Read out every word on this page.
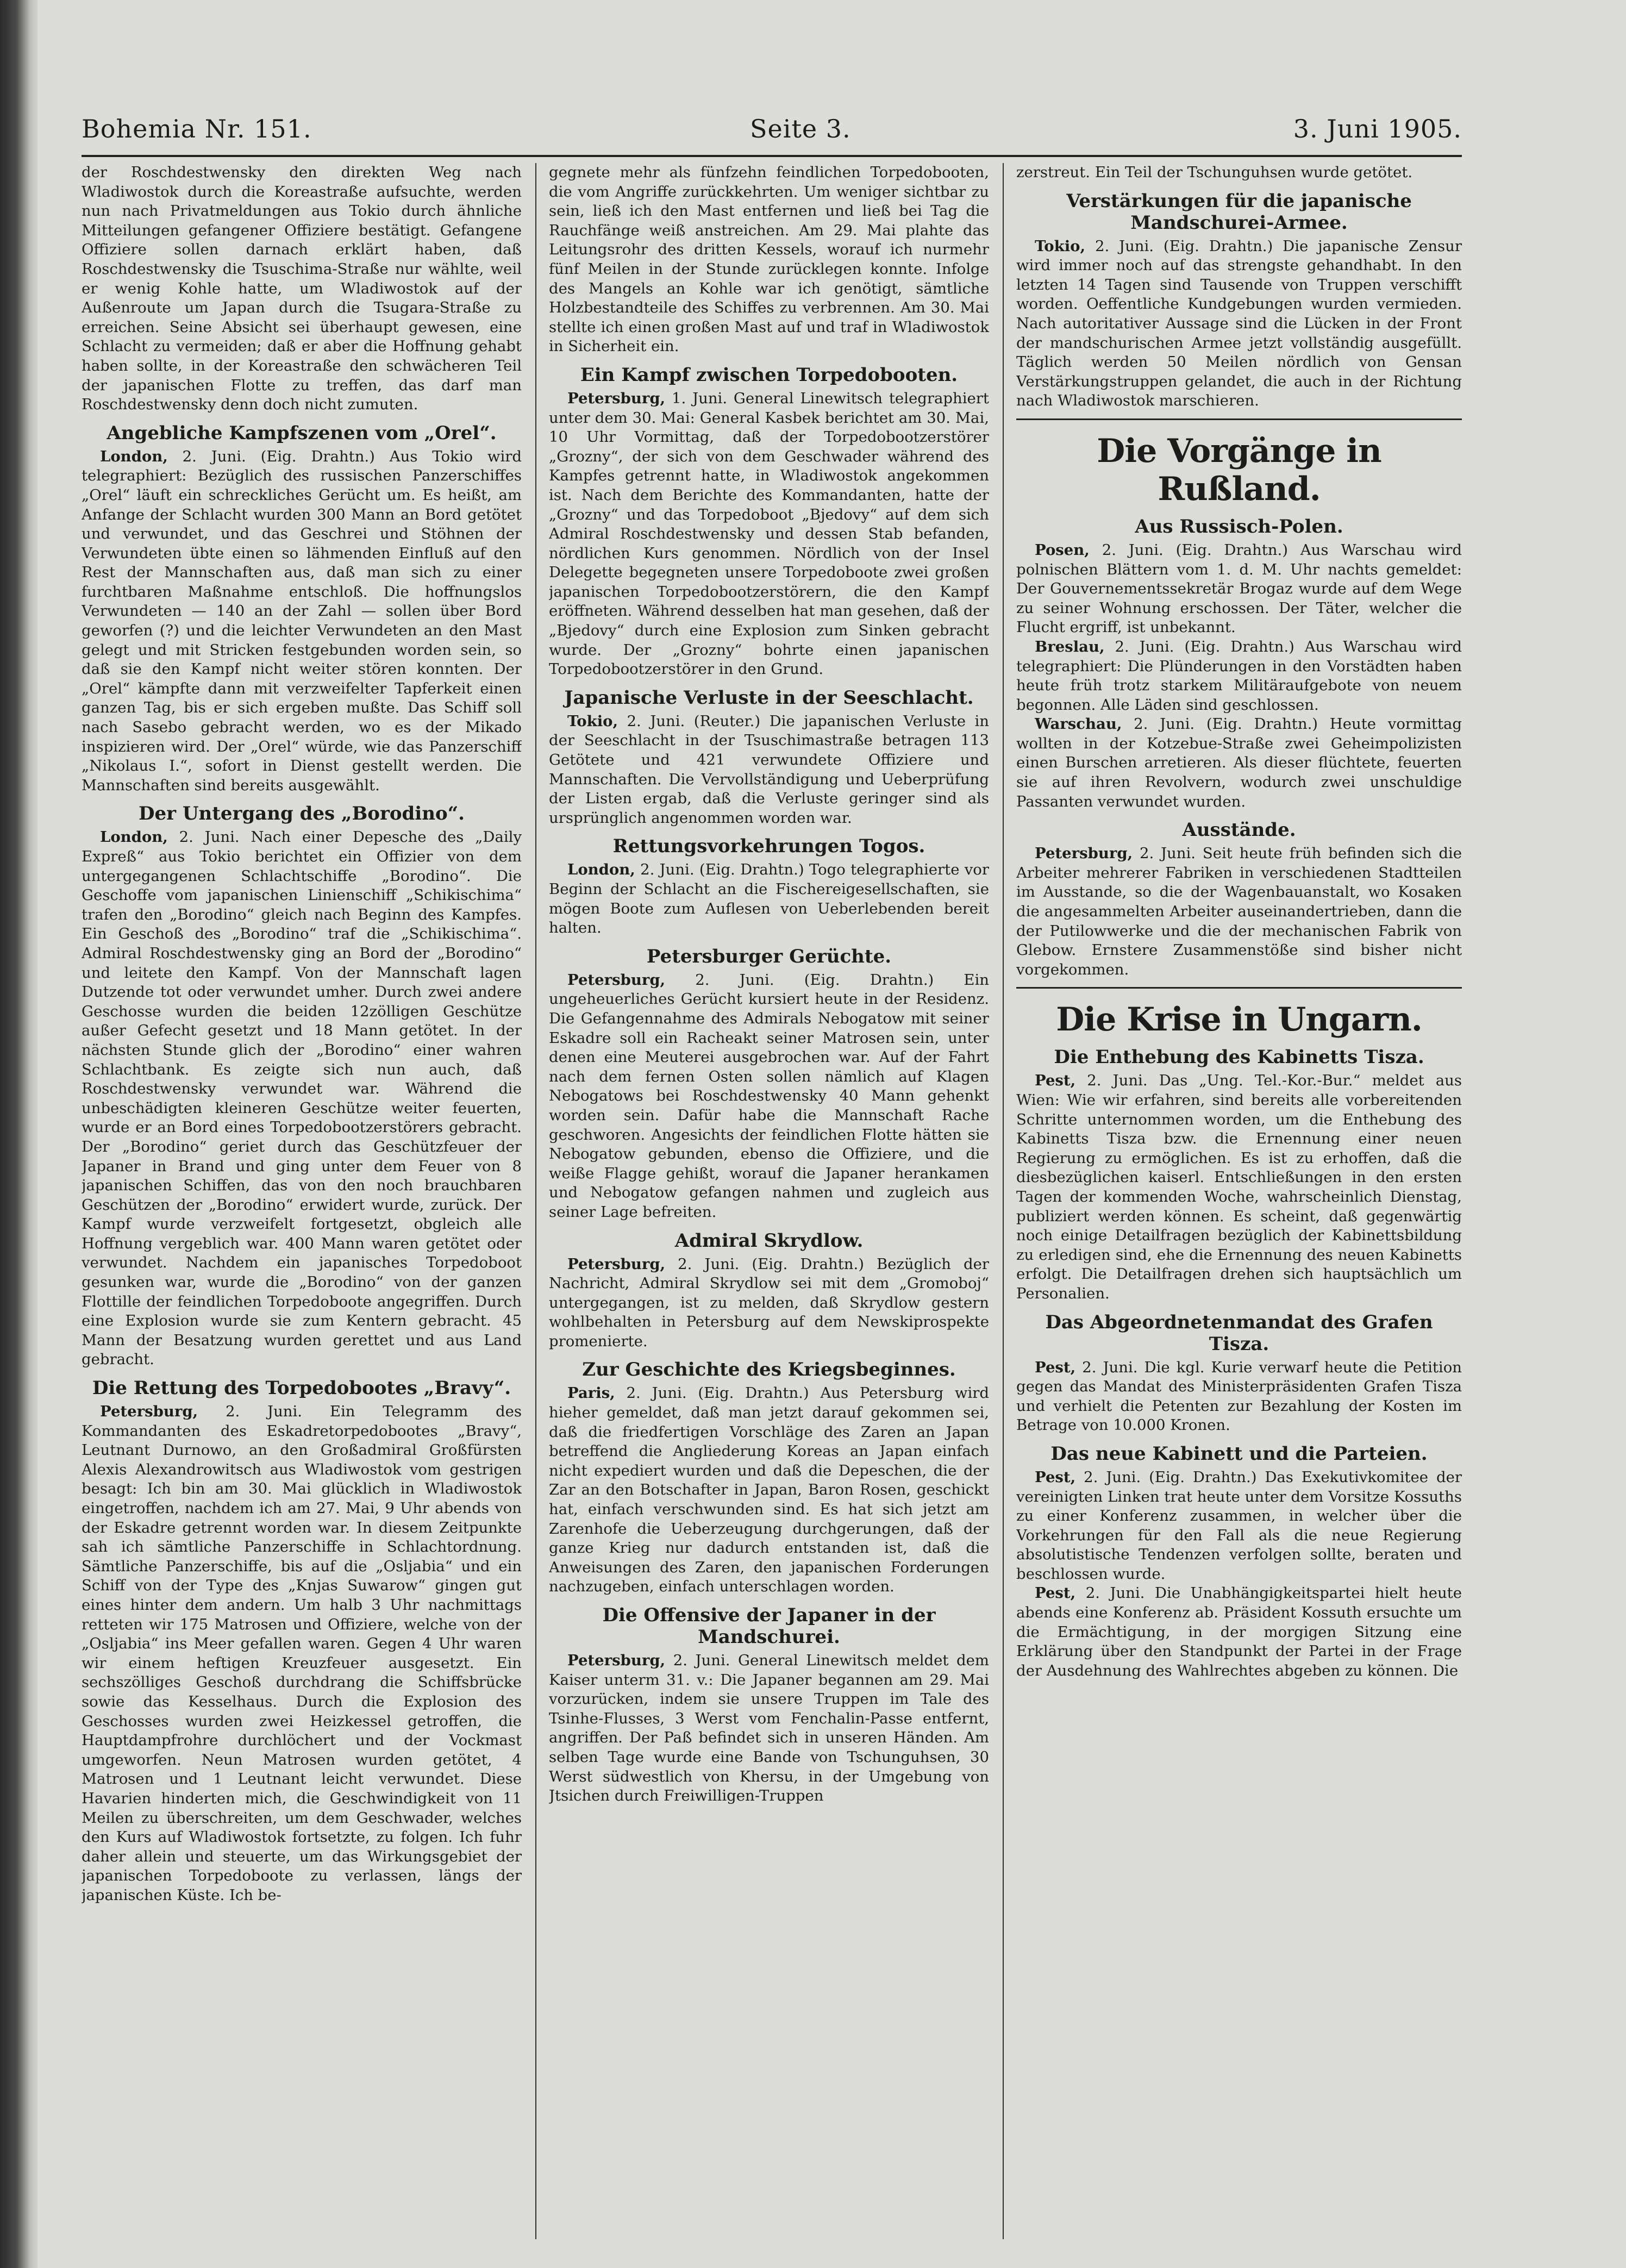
Bohemia Nr. 151.	Seite 3.	3. Juni 1905.

der Roschdestwensky den direkten Weg nach Wladiwostok durch die Koreastraße aufsuchte, werden nun nach Privatmeldungen aus Tokio durch ähnliche Mitteilungen gefangener Offiziere bestätigt. Gefangene Offiziere sollen darnach erklärt haben, daß Roschdestwensky die Tsuschima-Straße nur wählte, weil er wenig Kohle hatte, um Wladiwostok auf der Außenroute um Japan durch die Tsugara-Straße zu erreichen. Seine Absicht sei überhaupt gewesen, eine Schlacht zu vermeiden; daß er aber die Hoffnung gehabt haben sollte, in der Koreastraße den schwächeren Teil der japanischen Flotte zu treffen, das darf man Roschdestwensky denn doch nicht zumuten.

Angebliche Kampfszenen vom „Orel“.

London, 2. Juni. (Eig. Drahtn.) Aus Tokio wird telegraphiert: Bezüglich des russischen Panzerschiffes „Orel“ läuft ein schreckliches Gerücht um. Es heißt, am Anfange der Schlacht wurden 300 Mann an Bord getötet und verwundet, und das Geschrei und Stöhnen der Verwundeten übte einen so lähmenden Einfluß auf den Rest der Mannschaften aus, daß man sich zu einer furchtbaren Maßnahme entschloß. Die hoffnungslos Verwundeten — 140 an der Zahl — sollen über Bord geworfen (?) und die leichter Verwundeten an den Mast gelegt und mit Stricken festgebunden worden sein, so daß sie den Kampf nicht weiter stören konnten. Der „Orel“ kämpfte dann mit verzweifelter Tapferkeit einen ganzen Tag, bis er sich ergeben mußte. Das Schiff soll nach Sasebo gebracht werden, wo es der Mikado inspizieren wird. Der „Orel“ würde, wie das Panzerschiff „Nikolaus I.“, sofort in Dienst gestellt werden. Die Mannschaften sind bereits ausgewählt.

Der Untergang des „Borodino“.

London, 2. Juni. Nach einer Depesche des „Daily Expreß“ aus Tokio berichtet ein Offizier von dem untergegangenen Schlachtschiffe „Borodino“. Die Geschoffe vom japanischen Linienschiff „Schikischima“ trafen den „Borodino“ gleich nach Beginn des Kampfes. Ein Geschoß des „Borodino“ traf die „Schikischima“. Admiral Roschdestwensky ging an Bord der „Borodino“ und leitete den Kampf. Von der Mannschaft lagen Dutzende tot oder verwundet umher. Durch zwei andere Geschosse wurden die beiden 12zölligen Geschütze außer Gefecht gesetzt und 18 Mann getötet. In der nächsten Stunde glich der „Borodino“ einer wahren Schlachtbank. Es zeigte sich nun auch, daß Roschdestwensky verwundet war. Während die unbeschädigten kleineren Geschütze weiter feuerten, wurde er an Bord eines Torpedobootzerstörers gebracht. Der „Borodino“ geriet durch das Geschützfeuer der Japaner in Brand und ging unter dem Feuer von 8 japanischen Schiffen, das von den noch brauchbaren Geschützen der „Borodino“ erwidert wurde, zurück. Der Kampf wurde verzweifelt fortgesetzt, obgleich alle Hoffnung vergeblich war. 400 Mann waren getötet oder verwundet. Nachdem ein japanisches Torpedoboot gesunken war, wurde die „Borodino“ von der ganzen Flottille der feindlichen Torpedoboote angegriffen. Durch eine Explosion wurde sie zum Kentern gebracht. 45 Mann der Besatzung wurden gerettet und aus Land gebracht.

Die Rettung des Torpedobootes „Bravy“.

Petersburg, 2. Juni. Ein Telegramm des Kommandanten des Eskadretorpedobootes „Bravy“, Leutnant Durnowo, an den Großadmiral Großfürsten Alexis Alexandrowitsch aus Wladiwostok vom gestrigen besagt: Ich bin am 30. Mai glücklich in Wladiwostok eingetroffen, nachdem ich am 27. Mai, 9 Uhr abends von der Eskadre getrennt worden war. In diesem Zeitpunkte sah ich sämtliche Panzerschiffe in Schlachtordnung. Sämtliche Panzerschiffe, bis auf die „Osljabia“ und ein Schiff von der Type des „Knjas Suwarow“ gingen gut eines hinter dem andern. Um halb 3 Uhr nachmittags retteten wir 175 Matrosen und Offiziere, welche von der „Osljabia“ ins Meer gefallen waren. Gegen 4 Uhr waren wir einem heftigen Kreuzfeuer ausgesetzt. Ein sechszölliges Geschoß durchdrang die Schiffsbrücke sowie das Kesselhaus. Durch die Explosion des Geschosses wurden zwei Heizkessel getroffen, die Hauptdampfrohre durchlöchert und der Vockmast umgeworfen. Neun Matrosen wurden getötet, 4 Matrosen und 1 Leutnant leicht verwundet. Diese Havarien hinderten mich, die Geschwindigkeit von 11 Meilen zu überschreiten, um dem Geschwader, welches den Kurs auf Wladiwostok fortsetzte, zu folgen. Ich fuhr daher allein und steuerte, um das Wirkungsgebiet der japanischen Torpedoboote zu verlassen, längs der japanischen Küste. Ich be-

gegnete mehr als fünfzehn feindlichen Torpedobooten, die vom Angriffe zurückkehrten. Um weniger sichtbar zu sein, ließ ich den Mast entfernen und ließ bei Tag die Rauchfänge weiß anstreichen. Am 29. Mai plahte das Leitungsrohr des dritten Kessels, worauf ich nurmehr fünf Meilen in der Stunde zurücklegen konnte. Infolge des Mangels an Kohle war ich genötigt, sämtliche Holzbestandteile des Schiffes zu verbrennen. Am 30. Mai stellte ich einen großen Mast auf und traf in Wladiwostok in Sicherheit ein.

Ein Kampf zwischen Torpedobooten.

Petersburg, 1. Juni. General Linewitsch telegraphiert unter dem 30. Mai: General Kasbek berichtet am 30. Mai, 10 Uhr Vormittag, daß der Torpedobootzerstörer „Grozny“, der sich von dem Geschwader während des Kampfes getrennt hatte, in Wladiwostok angekommen ist. Nach dem Berichte des Kommandanten, hatte der „Grozny“ und das Torpedoboot „Bjedovy“ auf dem sich Admiral Roschdestwensky und dessen Stab befanden, nördlichen Kurs genommen. Nördlich von der Insel Delegette begegneten unsere Torpedoboote zwei großen japanischen Torpedobootzerstörern, die den Kampf eröffneten. Während desselben hat man gesehen, daß der „Bjedovy“ durch eine Explosion zum Sinken gebracht wurde. Der „Grozny“ bohrte einen japanischen Torpedobootzerstörer in den Grund.

Japanische Verluste in der Seeschlacht.

Tokio, 2. Juni. (Reuter.) Die japanischen Verluste in der Seeschlacht in der Tsuschimastraße betragen 113 Getötete und 421 verwundete Offiziere und Mannschaften. Die Vervollständigung und Ueberprüfung der Listen ergab, daß die Verluste geringer sind als ursprünglich angenommen worden war.

Rettungsvorkehrungen Togos.

London, 2. Juni. (Eig. Drahtn.) Togo telegraphierte vor Beginn der Schlacht an die Fischereigesellschaften, sie mögen Boote zum Auflesen von Ueberlebenden bereit halten.

Petersburger Gerüchte.

Petersburg, 2. Juni. (Eig. Drahtn.) Ein ungeheuerliches Gerücht kursiert heute in der Residenz. Die Gefangennahme des Admirals Nebogatow mit seiner Eskadre soll ein Racheakt seiner Matrosen sein, unter denen eine Meuterei ausgebrochen war. Auf der Fahrt nach dem fernen Osten sollen nämlich auf Klagen Nebogatows bei Roschdestwensky 40 Mann gehenkt worden sein. Dafür habe die Mannschaft Rache geschworen. Angesichts der feindlichen Flotte hätten sie Nebogatow gebunden, ebenso die Offiziere, und die weiße Flagge gehißt, worauf die Japaner herankamen und Nebogatow gefangen nahmen und zugleich aus seiner Lage befreiten.

Admiral Skrydlow.

Petersburg, 2. Juni. (Eig. Drahtn.) Bezüglich der Nachricht, Admiral Skrydlow sei mit dem „Gromoboj“ untergegangen, ist zu melden, daß Skrydlow gestern wohlbehalten in Petersburg auf dem Newskiprospekte promenierte.

Zur Geschichte des Kriegsbeginnes.

Paris, 2. Juni. (Eig. Drahtn.) Aus Petersburg wird hieher gemeldet, daß man jetzt darauf gekommen sei, daß die friedfertigen Vorschläge des Zaren an Japan betreffend die Angliederung Koreas an Japan einfach nicht expediert wurden und daß die Depeschen, die der Zar an den Botschafter in Japan, Baron Rosen, geschickt hat, einfach verschwunden sind. Es hat sich jetzt am Zarenhofe die Ueberzeugung durchgerungen, daß der ganze Krieg nur dadurch entstanden ist, daß die Anweisungen des Zaren, den japanischen Forderungen nachzugeben, einfach unterschlagen worden.

Die Offensive der Japaner in der Mandschurei.

Petersburg, 2. Juni. General Linewitsch meldet dem Kaiser unterm 31. v.: Die Japaner begannen am 29. Mai vorzurücken, indem sie unsere Truppen im Tale des Tsinhe-Flusses, 3 Werst vom Fenchalin-Passe entfernt, angriffen. Der Paß befindet sich in unseren Händen. Am selben Tage wurde eine Bande von Tschunguhsen, 30 Werst südwestlich von Khersu, in der Umgebung von Jtsichen durch Freiwilligen-Truppen

zerstreut. Ein Teil der Tschunguhsen wurde getötet.

Verstärkungen für die japanische Mandschurei-Armee.

Tokio, 2. Juni. (Eig. Drahtn.) Die japanische Zensur wird immer noch auf das strengste gehandhabt. In den letzten 14 Tagen sind Tausende von Truppen verschifft worden. Oeffentliche Kundgebungen wurden vermieden. Nach autoritativer Aussage sind die Lücken in der Front der mandschurischen Armee jetzt vollständig ausgefüllt. Täglich werden 50 Meilen nördlich von Gensan Verstärkungstruppen gelandet, die auch in der Richtung nach Wladiwostok marschieren.

Die Vorgänge in Rußland.
Aus Russisch-Polen.

Posen, 2. Juni. (Eig. Drahtn.) Aus Warschau wird polnischen Blättern vom 1. d. M. Uhr nachts gemeldet: Der Gouvernementssekretär Brogaz wurde auf dem Wege zu seiner Wohnung erschossen. Der Täter, welcher die Flucht ergriff, ist unbekannt.

Breslau, 2. Juni. (Eig. Drahtn.) Aus Warschau wird telegraphiert: Die Plünderungen in den Vorstädten haben heute früh trotz starkem Militäraufgebote von neuem begonnen. Alle Läden sind geschlossen.

Warschau, 2. Juni. (Eig. Drahtn.) Heute vormittag wollten in der Kotzebue-Straße zwei Geheimpolizisten einen Burschen arretieren. Als dieser flüchtete, feuerten sie auf ihren Revolvern, wodurch zwei unschuldige Passanten verwundet wurden.

Ausstände.

Petersburg, 2. Juni. Seit heute früh befinden sich die Arbeiter mehrerer Fabriken in verschiedenen Stadtteilen im Ausstande, so die der Wagenbauanstalt, wo Kosaken die angesammelten Arbeiter auseinandertrieben, dann die der Putilowwerke und die der mechanischen Fabrik von Glebow. Ernstere Zusammenstöße sind bisher nicht vorgekommen.

Die Krise in Ungarn.
Die Enthebung des Kabinetts Tisza.

Pest, 2. Juni. Das „Ung. Tel.-Kor.-Bur.“ meldet aus Wien: Wie wir erfahren, sind bereits alle vorbereitenden Schritte unternommen worden, um die Enthebung des Kabinetts Tisza bzw. die Ernennung einer neuen Regierung zu ermöglichen. Es ist zu erhoffen, daß die diesbezüglichen kaiserl. Entschließungen in den ersten Tagen der kommenden Woche, wahrscheinlich Dienstag, publiziert werden können. Es scheint, daß gegenwärtig noch einige Detailfragen bezüglich der Kabinettsbildung zu erledigen sind, ehe die Ernennung des neuen Kabinetts erfolgt. Die Detailfragen drehen sich hauptsächlich um Personalien.

Das Abgeordnetenmandat des Grafen Tisza.

Pest, 2. Juni. Die kgl. Kurie verwarf heute die Petition gegen das Mandat des Ministerpräsidenten Grafen Tisza und verhielt die Petenten zur Bezahlung der Kosten im Betrage von 10.000 Kronen.

Das neue Kabinett und die Parteien.

Pest, 2. Juni. (Eig. Drahtn.) Das Exekutivkomitee der vereinigten Linken trat heute unter dem Vorsitze Kossuths zu einer Konferenz zusammen, in welcher über die Vorkehrungen für den Fall als die neue Regierung absolutistische Tendenzen verfolgen sollte, beraten und beschlossen wurde.

Pest, 2. Juni. Die Unabhängigkeitspartei hielt heute abends eine Konferenz ab. Präsident Kossuth ersuchte um die Ermächtigung, in der morgigen Sitzung eine Erklärung über den Standpunkt der Partei in der Frage der Ausdehnung des Wahlrechtes abgeben zu können. Die
